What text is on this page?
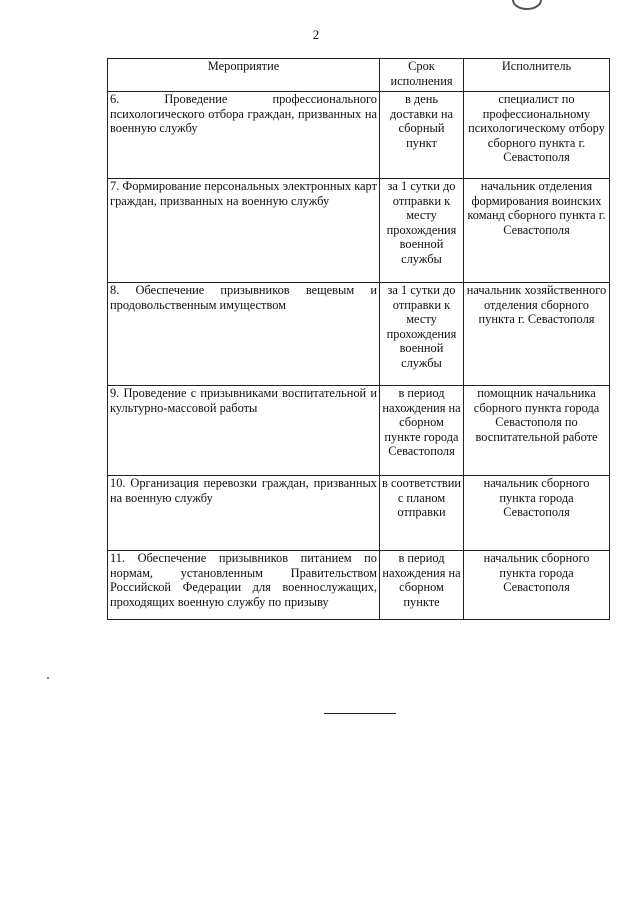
2
Мероприятие	Срок исполнения	Исполнитель
6. Проведение профессионального психологического отбора граждан, призванных на военную службу	в день доставки на сборный пункт	специалист по профессиональному психологическому отбору сборного пункта г. Севастополя
7. Формирование персональных электронных карт граждан, призванных на военную службу	за 1 сутки до отправки к месту прохождения военной службы	начальник отделения формирования воинских команд сборного пункта г. Севастополя
8. Обеспечение призывников вещевым и продовольственным имуществом	за 1 сутки до отправки к месту прохождения военной службы	начальник хозяйственного отделения сборного пункта г. Севастополя
9. Проведение с призывниками воспитательной и культурно-массовой работы	в период нахождения на сборном пункте города Севастополя	помощник начальника сборного пункта города Севастополя по воспитательной работе
10. Организация перевозки граждан, призванных на военную службу	в соответствии с планом отправки	начальник сборного пункта города Севастополя
11. Обеспечение призывников питанием по нормам, установленным Правительством Российской Федерации для военнослужащих, проходящих военную службу по призыву	в период нахождения на сборном пункте	начальник сборного пункта города Севастополя
